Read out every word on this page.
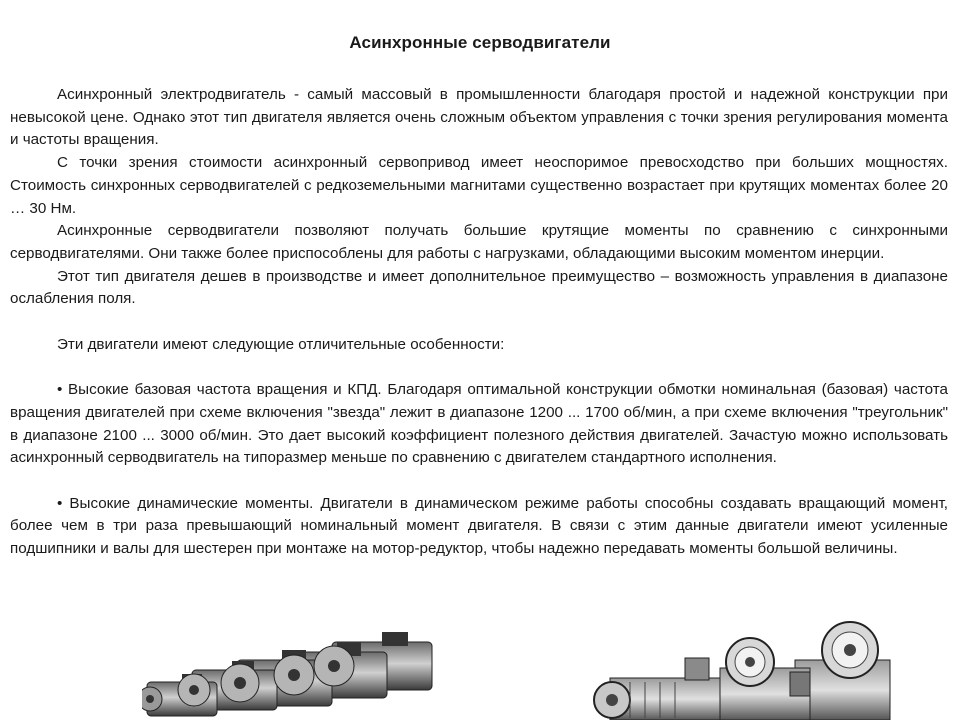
Асинхронные серводвигатели

Асинхронный электродвигатель - самый массовый в промышленности благодаря простой и надежной конструкции при невысокой цене. Однако этот тип двигателя является очень сложным объектом управления с точки зрения регулирования момента и частоты вращения.

С точки зрения стоимости асинхронный сервопривод имеет неоспоримое превосходство при больших мощностях. Стоимость синхронных серводвигателей с редкоземельными магнитами существенно возрастает при крутящих моментах более 20 … 30 Нм.

Асинхронные серводвигатели позволяют получать большие крутящие моменты по сравнению с синхронными серводвигателями. Они также более приспособлены для работы с нагрузками, обладающими высоким моментом инерции.

Этот тип двигателя дешев в производстве и имеет дополнительное преимущество – возможность управления в диапазоне ослабления поля.

Эти двигатели имеют следующие отличительные особенности:

• Высокие базовая частота вращения и КПД. Благодаря оптимальной конструкции обмотки номинальная (базовая) частота вращения двигателей при схеме включения "звезда" лежит в диапазоне 1200 ... 1700 об/мин, а при схеме включения "треугольник" в диапазоне 2100 ... 3000 об/мин. Это дает высокий коэффициент полезного действия двигателей. Зачастую можно использовать асинхронный серводвигатель на типоразмер меньше по сравнению с двигателем стандартного исполнения.

• Высокие динамические моменты. Двигатели в динамическом режиме работы способны создавать вращающий момент, более чем в три раза превышающий номинальный момент двигателя. В связи с этим данные двигатели имеют усиленные подшипники и валы для шестерен при монтаже на мотор-редуктор, чтобы надежно передавать моменты большой величины.
